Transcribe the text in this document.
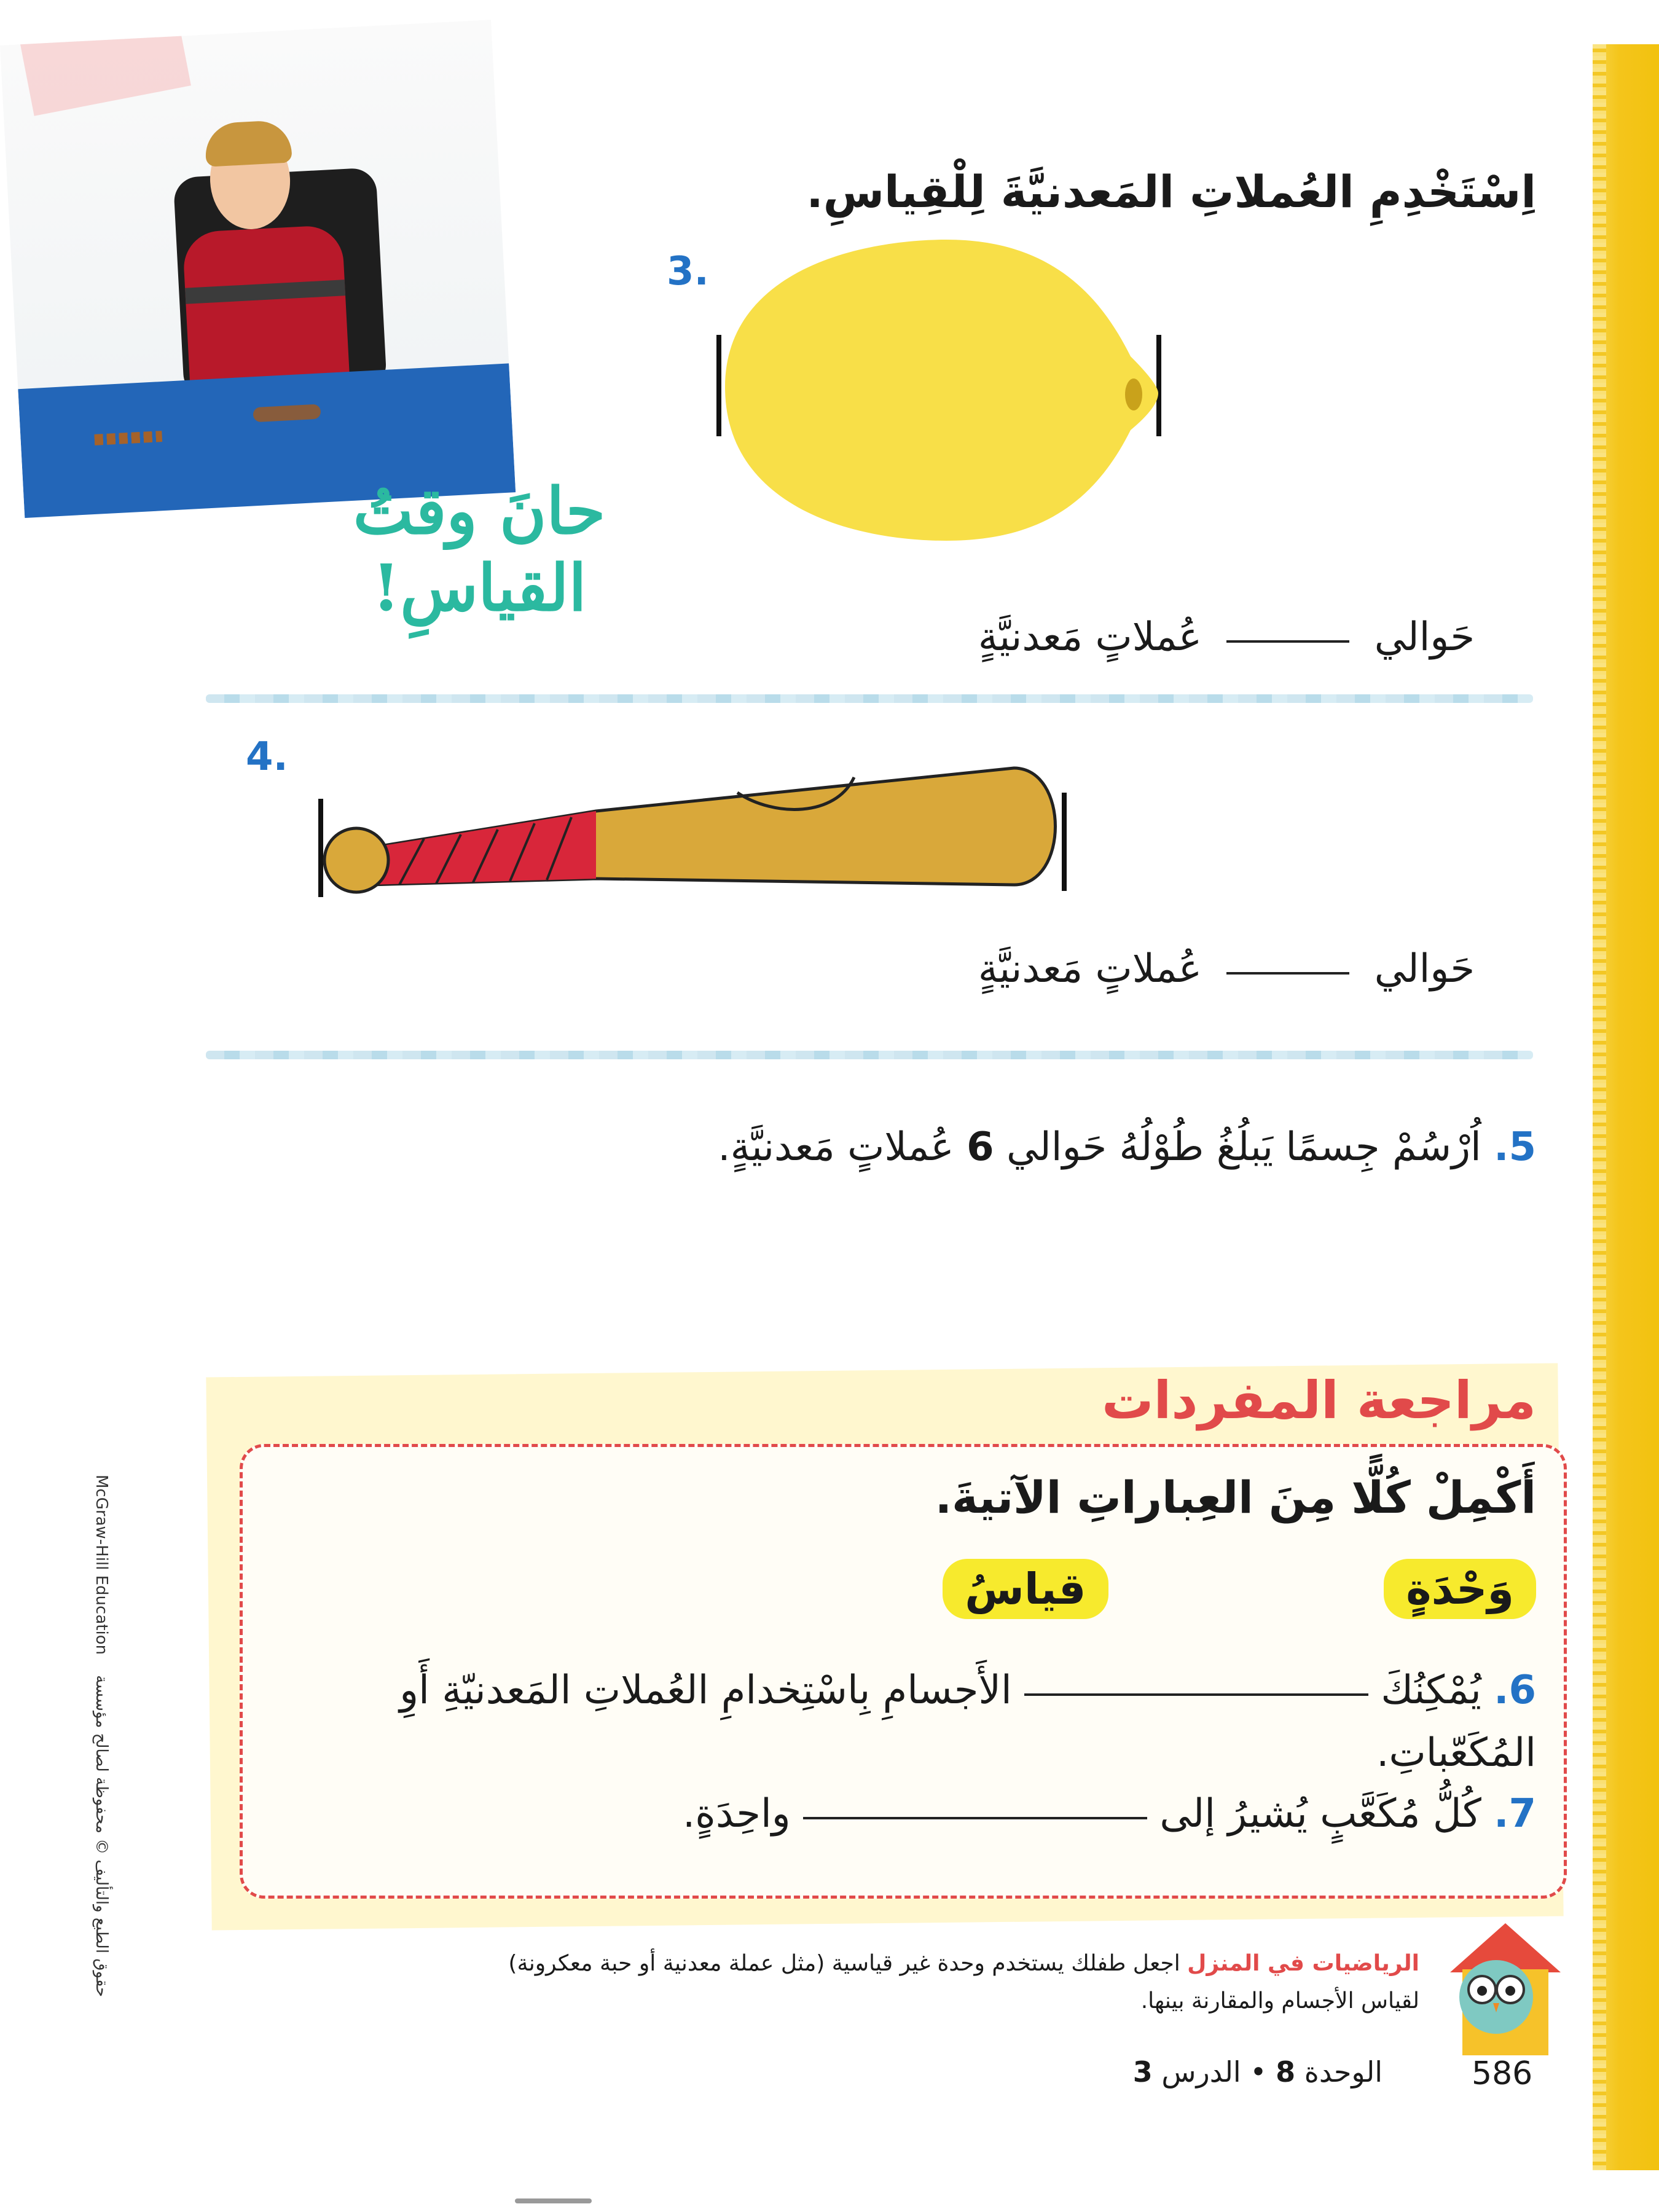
حانَ وقتُ
القياسِ!
اِسْتَخْدِمِ العُملاتِ المَعدنيَّةَ لِلْقِياسِ.
3.
حَوالي  عُملاتٍ مَعدنيَّةٍ
4.
حَوالي  عُملاتٍ مَعدنيَّةٍ
5. اُرْسُمْ جِسمًا يَبلُغُ طُوْلُهُ حَوالي 6 عُملاتٍ مَعدنيَّةٍ.
مراجعة المفردات
أَكْمِلْ كُلًّا مِنَ العِباراتِ الآتيةَ.
وَحْدَةٍ  قياسُ
6. يُمْكِنُكَ  الأَجسامِ بِاسْتِخدامِ العُملاتِ المَعدنيّةِ أَوِ
المُكَعّباتِ.
7. كُلُّ مُكَعَّبٍ يُشيرُ إلى  واحِدَةٍ.
الرياضيات في المنزل اجعل طفلك يستخدم وحدة غير قياسية (مثل عملة معدنية أو حبة معكرونة)
لقياس الأجسام والمقارنة بينها.
586
الوحدة 8 • الدرس 3
McGraw-Hill Education    حقوق الطبع والتأليف © محفوظة لصالح مؤسسة
